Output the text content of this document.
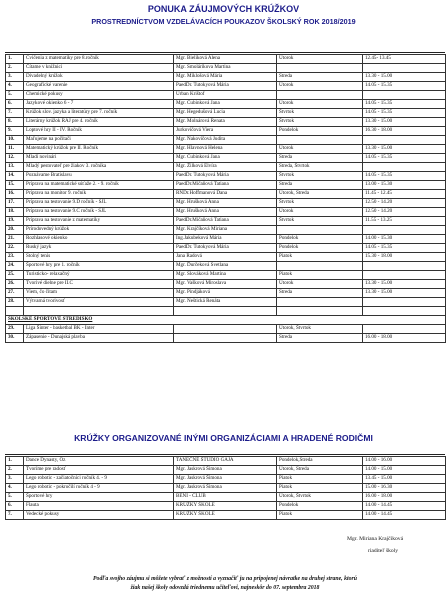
PONUKA ZÁUJMOVÝCH KRÚŽKOV
PROSTREDNÍCTVOM VZDELÁVACÍCH POUKAZOV ŠKOLSKÝ ROK 2018/2019
1.	Cvičenia z matematiky pre 8.ročník	Mgr. Bieliková Alena	Utorok	12.45- 13.45
2.	Čítame v knižnici	Mgr. Smolárikova Martina		
3.	Divadelný krúžok	Mgr. Miklošová Mária	Streda	13.30 - 15.00
4.	Geografické varenie	PaedDr. Tutokyová Mária	Utorok	14.05 - 15.35
5.	Chemické pokusy	Urban Krištof		
6.	Jazykové okienko 6 - 7	Mgr. Cubinková Jana	Utorok	14.05 - 15.35
7.	Krúžok slov. jazyka a literatúry pre 7. ročník	Mgr. Hegedušová Lucia	Štvrtok	14.05 - 15.35
8.	Literárny krúžok RAJ pre 4. ročník	Mgr. Molnárová Renata	Štvrtok	13.30 - 15.00
9.	Loptové hry II - IV. Ročník	Jurkovičová Viera	Pondelok	16.30 - 18.00
10.	Maľujeme na počítači	Mgr. Nakovičová Judita		
11.	Matematický krúžok pre II. Ročník	Mgr. Hlavnová Helena	Utorok	13.30 - 15.00
12.	Mladí novinári	Mgr. Cubinková Jana	Streda	14.05 - 15.35
13.	Mladý pestovateľ pre žiakov 3. ročníka	Mgr. Žilková Elvíra	Streda, Štvrtok	
14.	Poznávame Bratislavu	PaedDr. Tutokyová Mária	Štvrtok	14.05 - 15.35
15.	Príprava na matematické súťaže 2. - 9. ročník	PaedDr.Mičaňová Tatiana	Streda	13.00 - 15.30
16.	Príprava na monitor 9. ročník	RNDr.Hoffmanová Dana	Utorok, Streda	11.45 - 12.45
17.	Príprava na testovanie 9.D ročník - SJL	Mgr. Hrušková Anna	Štvrtok	12.50 - 14.20
18.	Príprava na testovanie 9.C ročník - SJL	Mgr. Hrušková Anna	Utorok	12.50 - 14.20
19.	Príprava na testovanie z matematiky	PaedDr.Mičaňová Tatiana	Štvrtok	11.55 - 13.25
20.	Prírodovedný krúžok	Mgr. Krajčíková Miriana		
21.	Rozhlasové okienko	Ing.Jakubeková Mária	Pondelok	14.00 - 15.30
22.	Ruský jazyk	PaedDr. Tutokyová Mária	Pondelok	14.05 - 15.35
23.	Stolný tenis	Jana Radová	Piatok	15.30 - 18.00
24.	Športové hry pre 1. ročník	Mgr. Ďurčeková Svetlana		
25.	Turisticko- relaxačný	Mgr. Slováková Martina	Piatok	
26.	Tvorivé dielne pre II.C	Mgr. Vašková Miroslava	Utorok	13.30 - 15.00
27.	Viem, čo čítam	Mgr. Pindjáková	Streda	13.30 - 15.00
28.	Výtvarná tvorivosť	Mgr. Neštická Renáta		

ŠKOLSKÉ ŠPORTOVÉ STREDISKO				
29.	Liga Šinter - basketbal BK - Inter		Utorok, Štvrtok	
30.	Zápasenie - Dunajská plavba		Streda	16.00 - 18.00
KRÚŽKY ORGANIZOVANÉ INÝMI ORGANIZÁCIAMI A HRADENÉ RODIČMI
1.	Dance Dynasty, Oz	TANEČNÉ ŠTÚDIO GAJA	Pondelok,Streda	14.00 - 16.00
2.	Tvoríme pre radosť	Mgr. Jaskrová Šimona	Utorok, Streda	14.00 - 15.00
3.	Lego robotic - začiatočníci ročník 4. - 9	Mgr. Jaskrová Šimona	Piatok	13.45 - 15.00
4.	Lego robotic - pokročilí ročník 4 - 9	Mgr. Jaskrová Šimona	Piatok	15.00 - 16.30
5.	Športové hry	BENI - CLUB	Utorok, Štvrtok	16.00 - 18.00
6.	Flauta	KRÚŽKY ŠKOLE	Pondelok	14.00 - 14.45
7.	Vedecké pokusy	KRÚŽKY ŠKOLE	Piatok	14.00 - 14.45
Mgr. Miriana Krajčíková
riaditeľ školy
Podľa svojho záujmu si môžete vybrať z možností a vyznačiť ju na pripojenej návratke na druhej strane, ktorú
žiak našej školy odovzdá triednemu učiteľovi, najneskôr do 07. septembra 2018
